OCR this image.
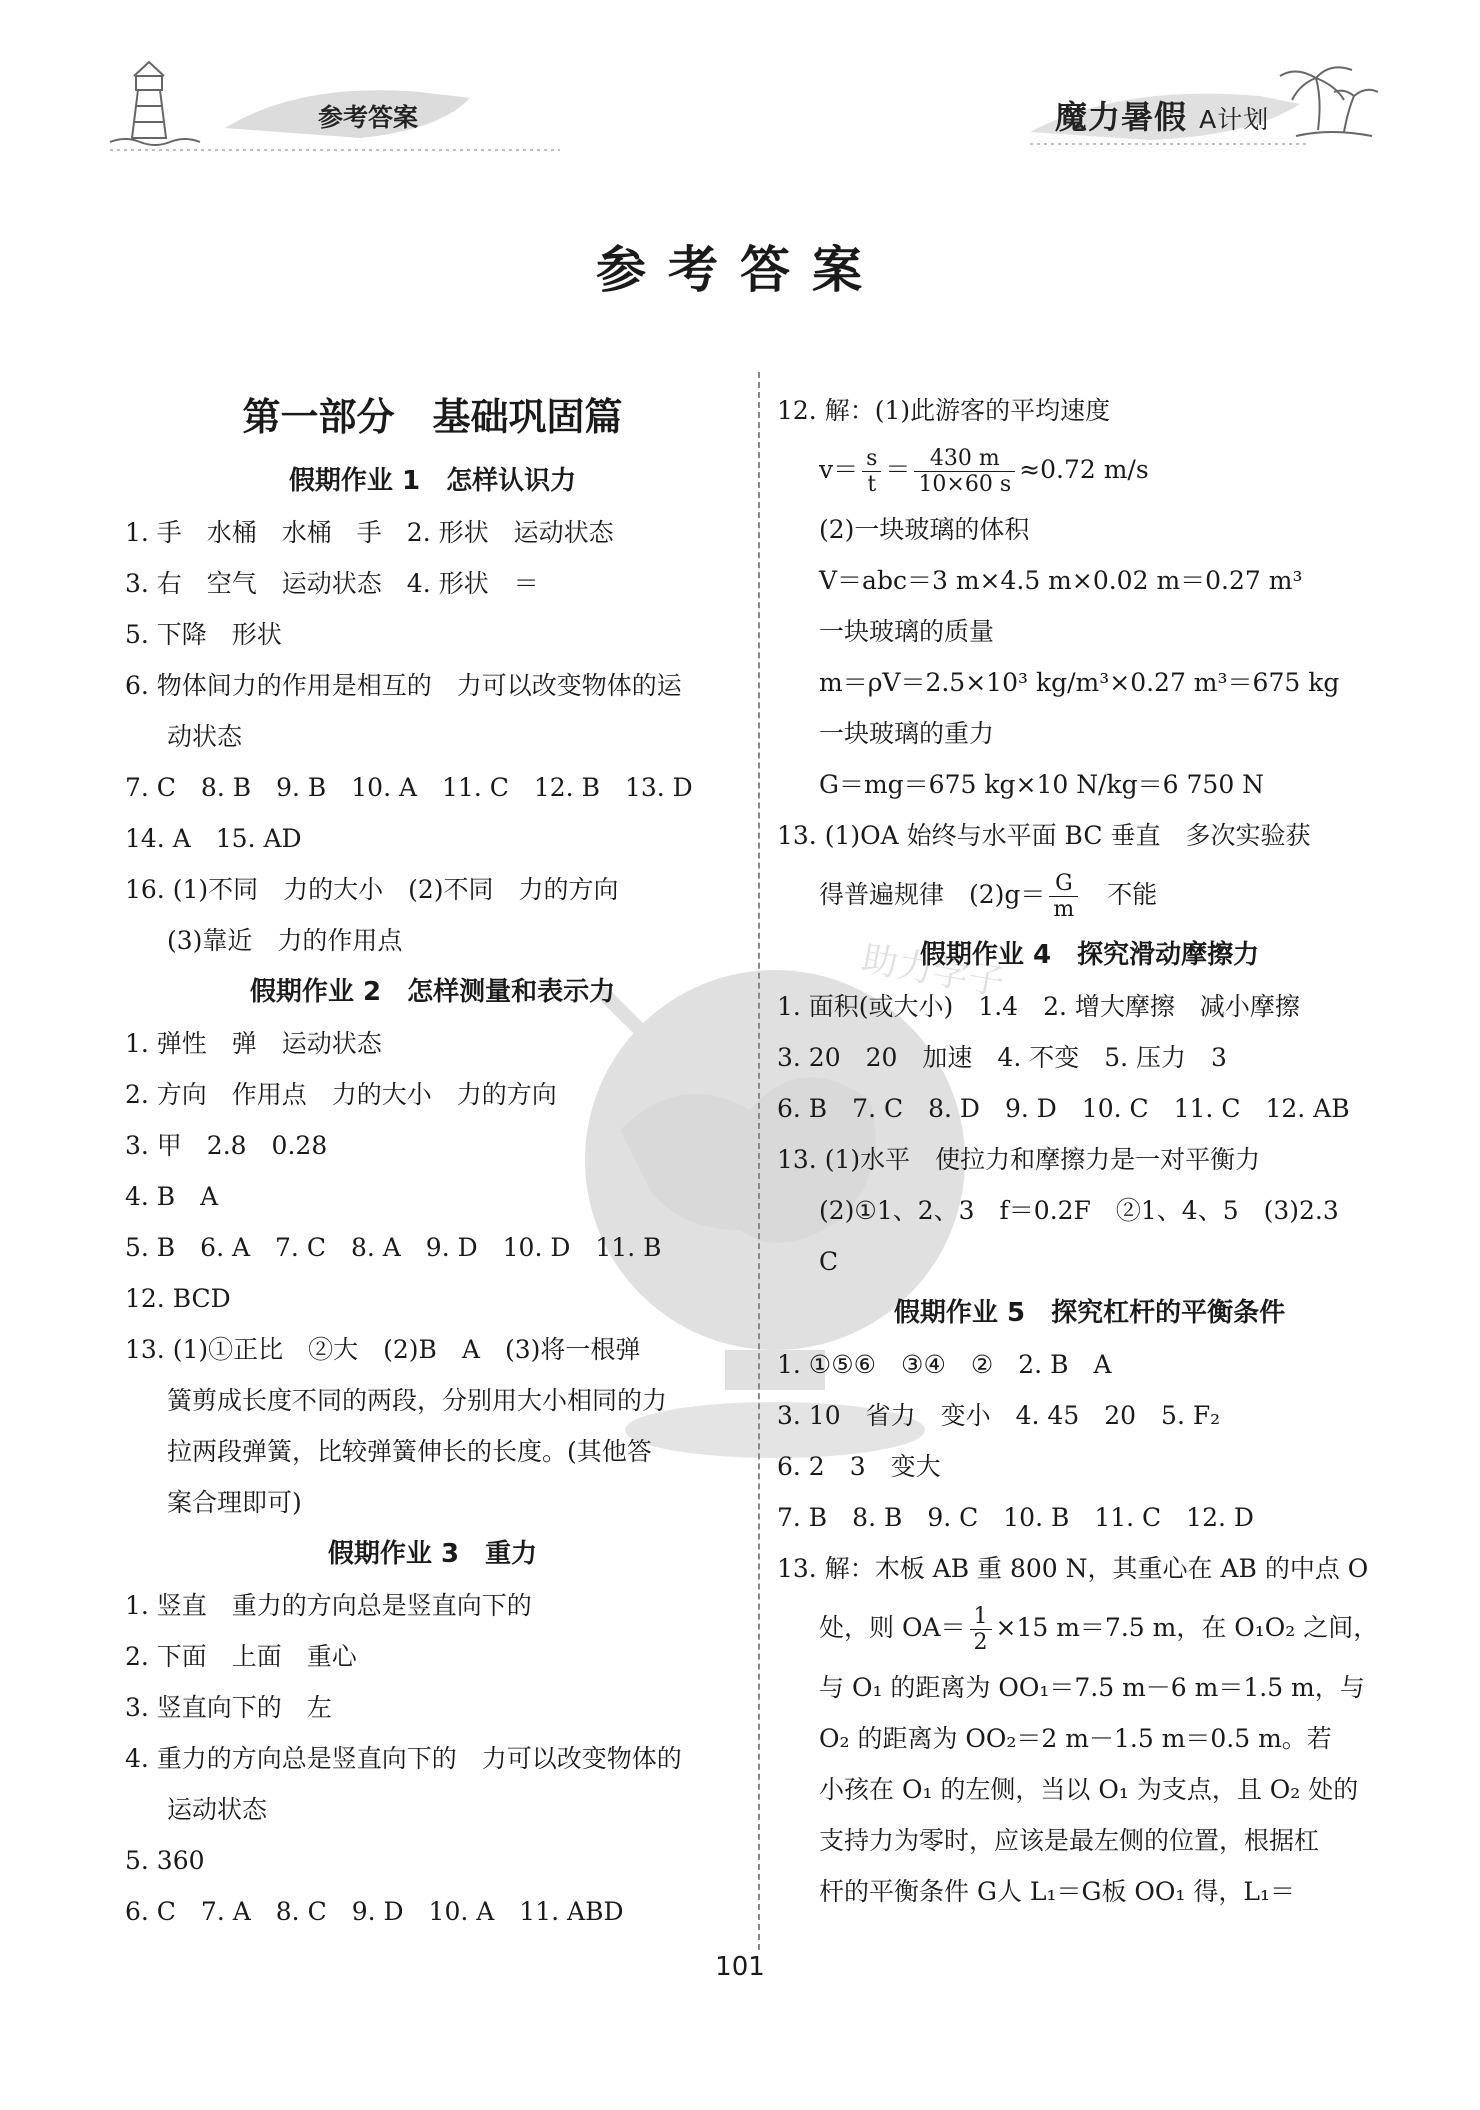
参考答案	魔力暑假 A计划
参考答案
助力学子
第一部分　基础巩固篇
假期作业 1　怎样认识力
1. 手　水桶　水桶　手　2. 形状　运动状态
3. 右　空气　运动状态　4. 形状　＝
5. 下降　形状
6. 物体间力的作用是相互的　力可以改变物体的运
动状态
7. C　8. B　9. B　10. A　11. C　12. B　13. D
14. A　15. AD
16. (1)不同　力的大小　(2)不同　力的方向
(3)靠近　力的作用点
假期作业 2　怎样测量和表示力
1. 弹性　弹　运动状态
2. 方向　作用点　力的大小　力的方向
3. 甲　2.8　0.28
4. B　A
5. B　6. A　7. C　8. A　9. D　10. D　11. B
12. BCD
13. (1)①正比　②大　(2)B　A　(3)将一根弹
簧剪成长度不同的两段，分别用大小相同的力
拉两段弹簧，比较弹簧伸长的长度。(其他答
案合理即可)
假期作业 3　重力
1. 竖直　重力的方向总是竖直向下的
2. 下面　上面　重心
3. 竖直向下的　左
4. 重力的方向总是竖直向下的　力可以改变物体的
运动状态
5. 360
6. C　7. A　8. C　9. D　10. A　11. ABD
12. 解：(1)此游客的平均速度
$v= \frac{s}{t} = \frac{430 m}{10\times 60 s} \approx 0.72$ m/s
(2)一块玻璃的体积
V＝abc＝3 m×4.5 m×0.02 m＝0.27 m³
一块玻璃的质量
m＝ρV＝2.5×10³ kg/m³×0.27 m³＝675 kg
一块玻璃的重力
G＝mg＝675 kg×10 N/kg＝6 750 N
13. (1)OA 始终与水平面 BC 垂直　多次实验获
得普遍规律　$(2)g= \frac{G}{m}$ 　不能
假期作业 4　探究滑动摩擦力
1. 面积(或大小)　1.4　2. 增大摩擦　减小摩擦
3. 20　20　加速　4. 不变　5. 压力　3
6. B　7. C　8. D　9. D　10. C　11. C　12. AB
13. (1)水平　使拉力和摩擦力是一对平衡力
(2)①1、2、3　f＝0.2F　②1、4、5　(3)2.3
C
假期作业 5　探究杠杆的平衡条件
1. ①⑤⑥　③④　②　2. B　A
3. 10　省力　变小　4. 45　20　5. F₂
6. 2　3　变大
7. B　8. B　9. C　10. B　11. C　12. D
13. 解：木板 AB 重 800 N，其重心在 AB 的中点 O
处，则 $OA= \frac{1}{2} \times 15$ m＝7.5 m，在 O₁O₂ 之间，
与 O₁ 的距离为 OO₁＝7.5 m－6 m＝1.5 m，与
O₂ 的距离为 OO₂＝2 m－1.5 m＝0.5 m。若
小孩在 O₁ 的左侧，当以 O₁ 为支点，且 O₂ 处的
支持力为零时，应该是最左侧的位置，根据杠
杆的平衡条件 G人 L₁＝G板 OO₁ 得，L₁＝
101
